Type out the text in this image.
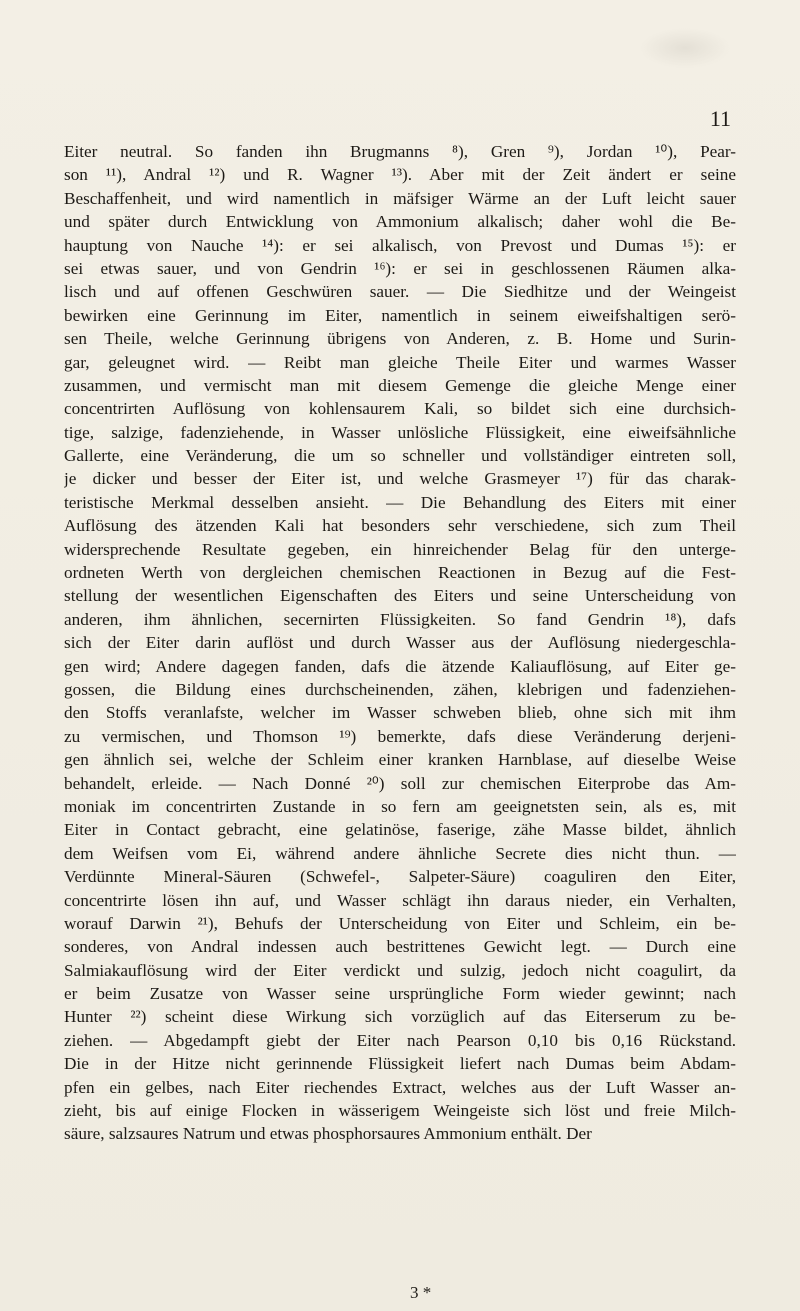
11
Eiter neutral. So fanden ihn Brugmanns ⁸), Gren ⁹), Jordan ¹⁰), Pear-
son ¹¹), Andral ¹²) und R. Wagner ¹³). Aber mit der Zeit ändert er seine
Beschaffenheit, und wird namentlich in mäfsiger Wärme an der Luft leicht sauer
und später durch Entwicklung von Ammonium alkalisch; daher wohl die Be-
hauptung von Nauche ¹⁴): er sei alkalisch, von Prevost und Dumas ¹⁵): er
sei etwas sauer, und von Gendrin ¹⁶): er sei in geschlossenen Räumen alka-
lisch und auf offenen Geschwüren sauer. — Die Siedhitze und der Weingeist
bewirken eine Gerinnung im Eiter, namentlich in seinem eiweifshaltigen serö-
sen Theile, welche Gerinnung übrigens von Anderen, z. B. Home und Surin-
gar, geleugnet wird. — Reibt man gleiche Theile Eiter und warmes Wasser
zusammen, und vermischt man mit diesem Gemenge die gleiche Menge einer
concentrirten Auflösung von kohlensaurem Kali, so bildet sich eine durchsich-
tige, salzige, fadenziehende, in Wasser unlösliche Flüssigkeit, eine eiweifsähnliche
Gallerte, eine Veränderung, die um so schneller und vollständiger eintreten soll,
je dicker und besser der Eiter ist, und welche Grasmeyer ¹⁷) für das charak-
teristische Merkmal desselben ansieht. — Die Behandlung des Eiters mit einer
Auflösung des ätzenden Kali hat besonders sehr verschiedene, sich zum Theil
widersprechende Resultate gegeben, ein hinreichender Belag für den unterge-
ordneten Werth von dergleichen chemischen Reactionen in Bezug auf die Fest-
stellung der wesentlichen Eigenschaften des Eiters und seine Unterscheidung von
anderen, ihm ähnlichen, secernirten Flüssigkeiten. So fand Gendrin ¹⁸), dafs
sich der Eiter darin auflöst und durch Wasser aus der Auflösung niedergeschla-
gen wird; Andere dagegen fanden, dafs die ätzende Kaliauflösung, auf Eiter ge-
gossen, die Bildung eines durchscheinenden, zähen, klebrigen und fadenziehen-
den Stoffs veranlafste, welcher im Wasser schweben blieb, ohne sich mit ihm
zu vermischen, und Thomson ¹⁹) bemerkte, dafs diese Veränderung derjeni-
gen ähnlich sei, welche der Schleim einer kranken Harnblase, auf dieselbe Weise
behandelt, erleide. — Nach Donné ²⁰) soll zur chemischen Eiterprobe das Am-
moniak im concentrirten Zustande in so fern am geeignetsten sein, als es, mit
Eiter in Contact gebracht, eine gelatinöse, faserige, zähe Masse bildet, ähnlich
dem Weifsen vom Ei, während andere ähnliche Secrete dies nicht thun. —
Verdünnte Mineral-Säuren (Schwefel-, Salpeter-Säure) coaguliren den Eiter,
concentrirte lösen ihn auf, und Wasser schlägt ihn daraus nieder, ein Verhalten,
worauf Darwin ²¹), Behufs der Unterscheidung von Eiter und Schleim, ein be-
sonderes, von Andral indessen auch bestrittenes Gewicht legt. — Durch eine
Salmiakauflösung wird der Eiter verdickt und sulzig, jedoch nicht coagulirt, da
er beim Zusatze von Wasser seine ursprüngliche Form wieder gewinnt; nach
Hunter ²²) scheint diese Wirkung sich vorzüglich auf das Eiterserum zu be-
ziehen. — Abgedampft giebt der Eiter nach Pearson 0,10 bis 0,16 Rückstand.
Die in der Hitze nicht gerinnende Flüssigkeit liefert nach Dumas beim Abdam-
pfen ein gelbes, nach Eiter riechendes Extract, welches aus der Luft Wasser an-
zieht, bis auf einige Flocken in wässerigem Weingeiste sich löst und freie Milch-
säure, salzsaures Natrum und etwas phosphorsaures Ammonium enthält. Der
3 *
